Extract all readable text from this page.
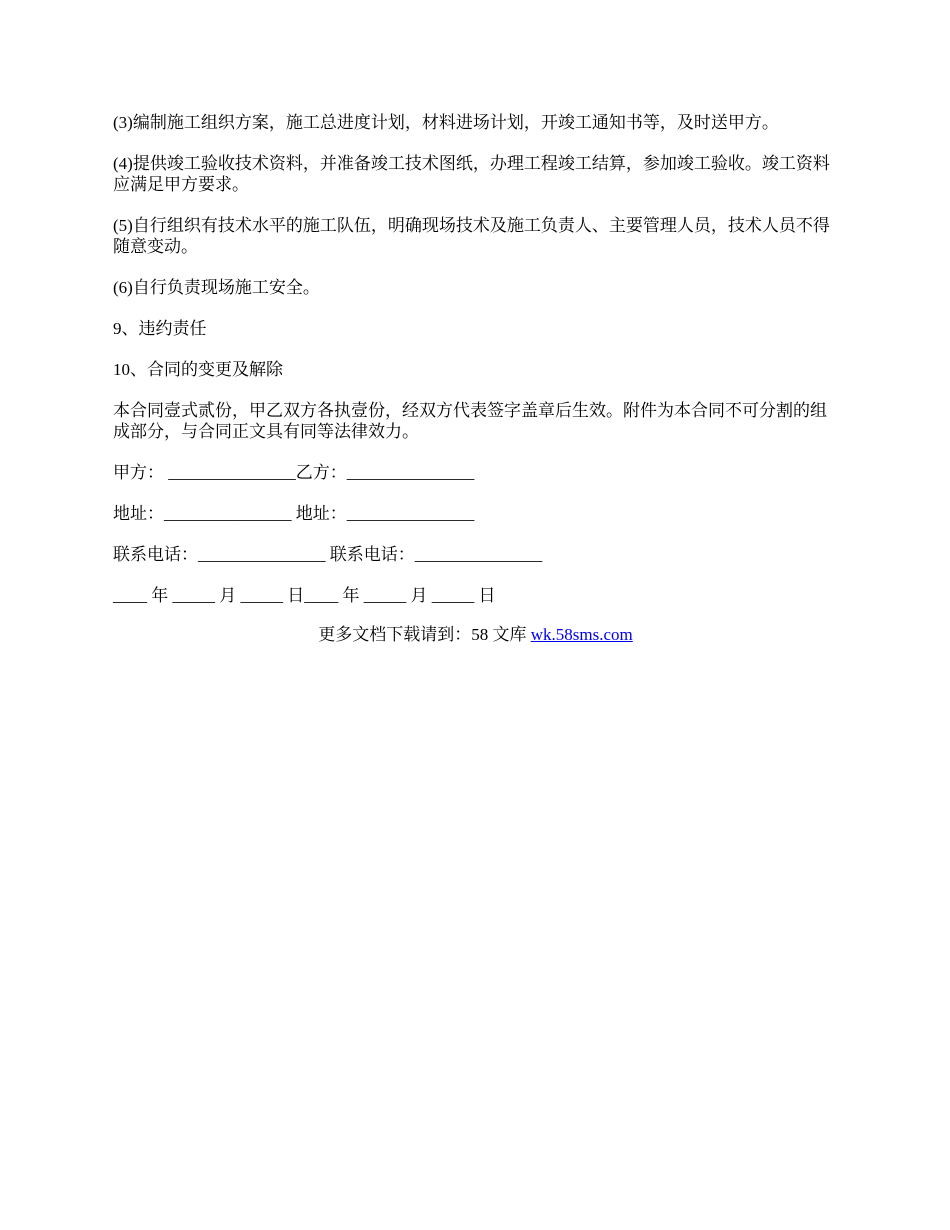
(3)编制施工组织方案，施工总进度计划，材料进场计划，开竣工通知书等，及时送甲方。

(4)提供竣工验收技术资料，并准备竣工技术图纸，办理工程竣工结算，参加竣工验收。竣工资料应满足甲方要求。

(5)自行组织有技术水平的施工队伍，明确现场技术及施工负责人、主要管理人员，技术人员不得随意变动。

(6)自行负责现场施工安全。

9、违约责任

10、合同的变更及解除

本合同壹式贰份，甲乙双方各执壹份，经双方代表签字盖章后生效。附件为本合同不可分割的组成部分，与合同正文具有同等法律效力。

甲方： _______________乙方：_______________

地址：_______________ 地址：_______________

联系电话：_______________ 联系电话：_______________

____ 年 _____ 月 _____ 日____ 年 _____ 月 _____ 日

更多文档下载请到：58 文库 wk.58sms.com
